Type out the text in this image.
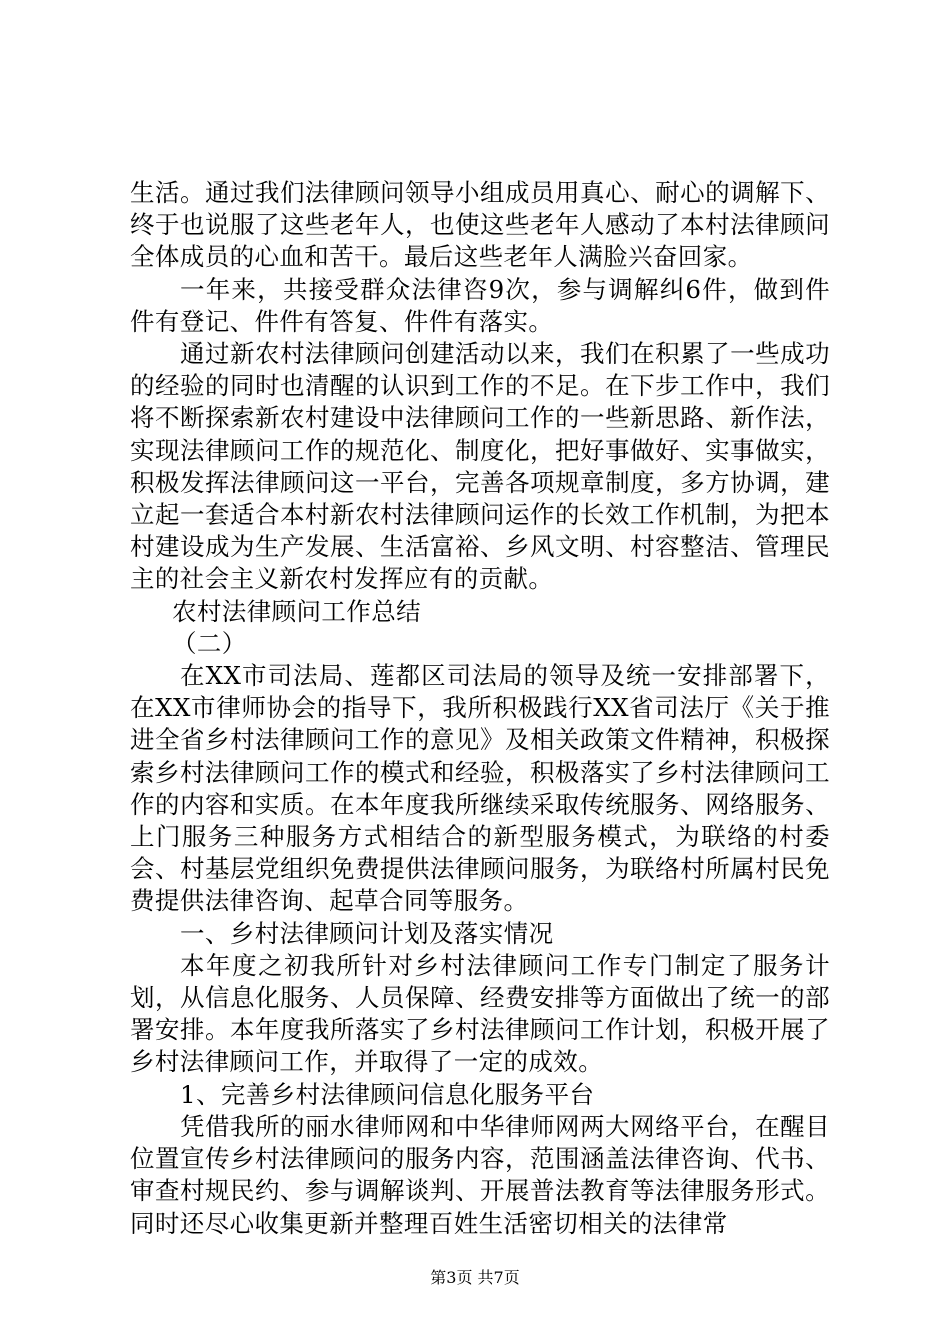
生活。通过我们法律顾问领导小组成员用真心、耐心的调解下、终于也说服了这些老年人，也使这些老年人感动了本村法律顾问全体成员的心血和苦干。最后这些老年人满脸兴奋回家。

一年来，共接受群众法律咨9次，参与调解纠6件，做到件件有登记、件件有答复、件件有落实。

通过新农村法律顾问创建活动以来，我们在积累了一些成功的经验的同时也清醒的认识到工作的不足。在下步工作中，我们将不断探索新农村建设中法律顾问工作的一些新思路、新作法，实现法律顾问工作的规范化、制度化，把好事做好、实事做实，积极发挥法律顾问这一平台，完善各项规章制度，多方协调，建立起一套适合本村新农村法律顾问运作的长效工作机制，为把本村建设成为生产发展、生活富裕、乡风文明、村容整洁、管理民主的社会主义新农村发挥应有的贡献。

农村法律顾问工作总结

（二）

在XX市司法局、莲都区司法局的领导及统一安排部署下，在XX市律师协会的指导下，我所积极践行XX省司法厅《关于推进全省乡村法律顾问工作的意见》及相关政策文件精神，积极探索乡村法律顾问工作的模式和经验，积极落实了乡村法律顾问工作的内容和实质。在本年度我所继续采取传统服务、网络服务、上门服务三种服务方式相结合的新型服务模式，为联络的村委会、村基层党组织免费提供法律顾问服务，为联络村所属村民免费提供法律咨询、起草合同等服务。

一、乡村法律顾问计划及落实情况

本年度之初我所针对乡村法律顾问工作专门制定了服务计划，从信息化服务、人员保障、经费安排等方面做出了统一的部署安排。本年度我所落实了乡村法律顾问工作计划，积极开展了乡村法律顾问工作，并取得了一定的成效。

1、完善乡村法律顾问信息化服务平台

凭借我所的丽水律师网和中华律师网两大网络平台，在醒目位置宣传乡村法律顾问的服务内容，范围涵盖法律咨询、代书、审查村规民约、参与调解谈判、开展普法教育等法律服务形式。同时还尽心收集更新并整理百姓生活密切相关的法律常

第3页 共7页
